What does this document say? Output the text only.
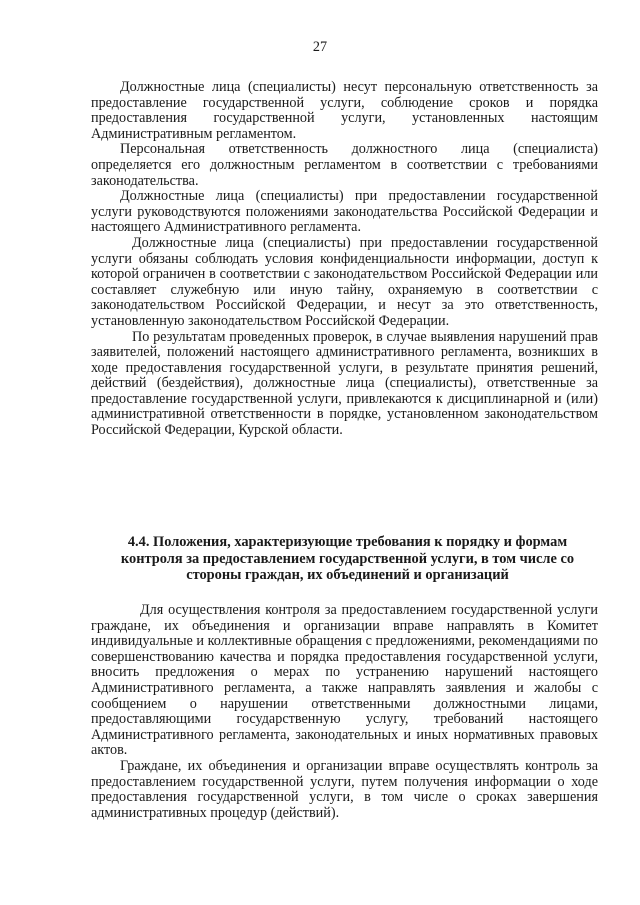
27

Должностные лица (специалисты) несут персональную ответственность за предоставление государственной услуги, соблюдение сроков и порядка предоставления государственной услуги, установленных настоящим Административным регламентом.

Персональная ответственность должностного лица (специалиста) определяется его должностным регламентом в соответствии с требованиями законодательства.

Должностные лица (специалисты) при предоставлении государственной услуги руководствуются положениями законодательства Российской Федерации и настоящего Административного регламента.

Должностные лица (специалисты) при предоставлении государственной услуги обязаны соблюдать условия конфиденциальности информации, доступ к которой ограничен в соответствии с законодательством Российской Федерации или составляет служебную или иную тайну, охраняемую в соответствии с законодательством Российской Федерации, и несут за это ответственность, установленную законодательством Российской Федерации.

По результатам проведенных проверок, в случае выявления нарушений прав заявителей, положений настоящего административного регламента, возникших в ходе предоставления государственной услуги, в результате принятия решений, действий (бездействия), должностные лица (специалисты), ответственные за предоставление государственной услуги, привлекаются к дисциплинарной и (или) административной ответственности в порядке, установленном законодательством Российской Федерации, Курской области.

4.4. Положения, характеризующие требования к порядку и формам контроля за предоставлением государственной услуги, в том числе со стороны граждан, их объединений и организаций

Для осуществления контроля за предоставлением государственной услуги граждане, их объединения и организации вправе направлять в Комитет индивидуальные и коллективные обращения с предложениями, рекомендациями по совершенствованию качества и порядка предоставления государственной услуги, вносить предложения о мерах по устранению нарушений настоящего Административного регламента, а также направлять заявления и жалобы с сообщением о нарушении ответственными должностными лицами, предоставляющими государственную услугу, требований настоящего Административного регламента, законодательных и иных нормативных правовых актов.

Граждане, их объединения и организации вправе осуществлять контроль за предоставлением государственной услуги, путем получения информации о ходе предоставления государственной услуги, в том числе о сроках завершения административных процедур (действий).
